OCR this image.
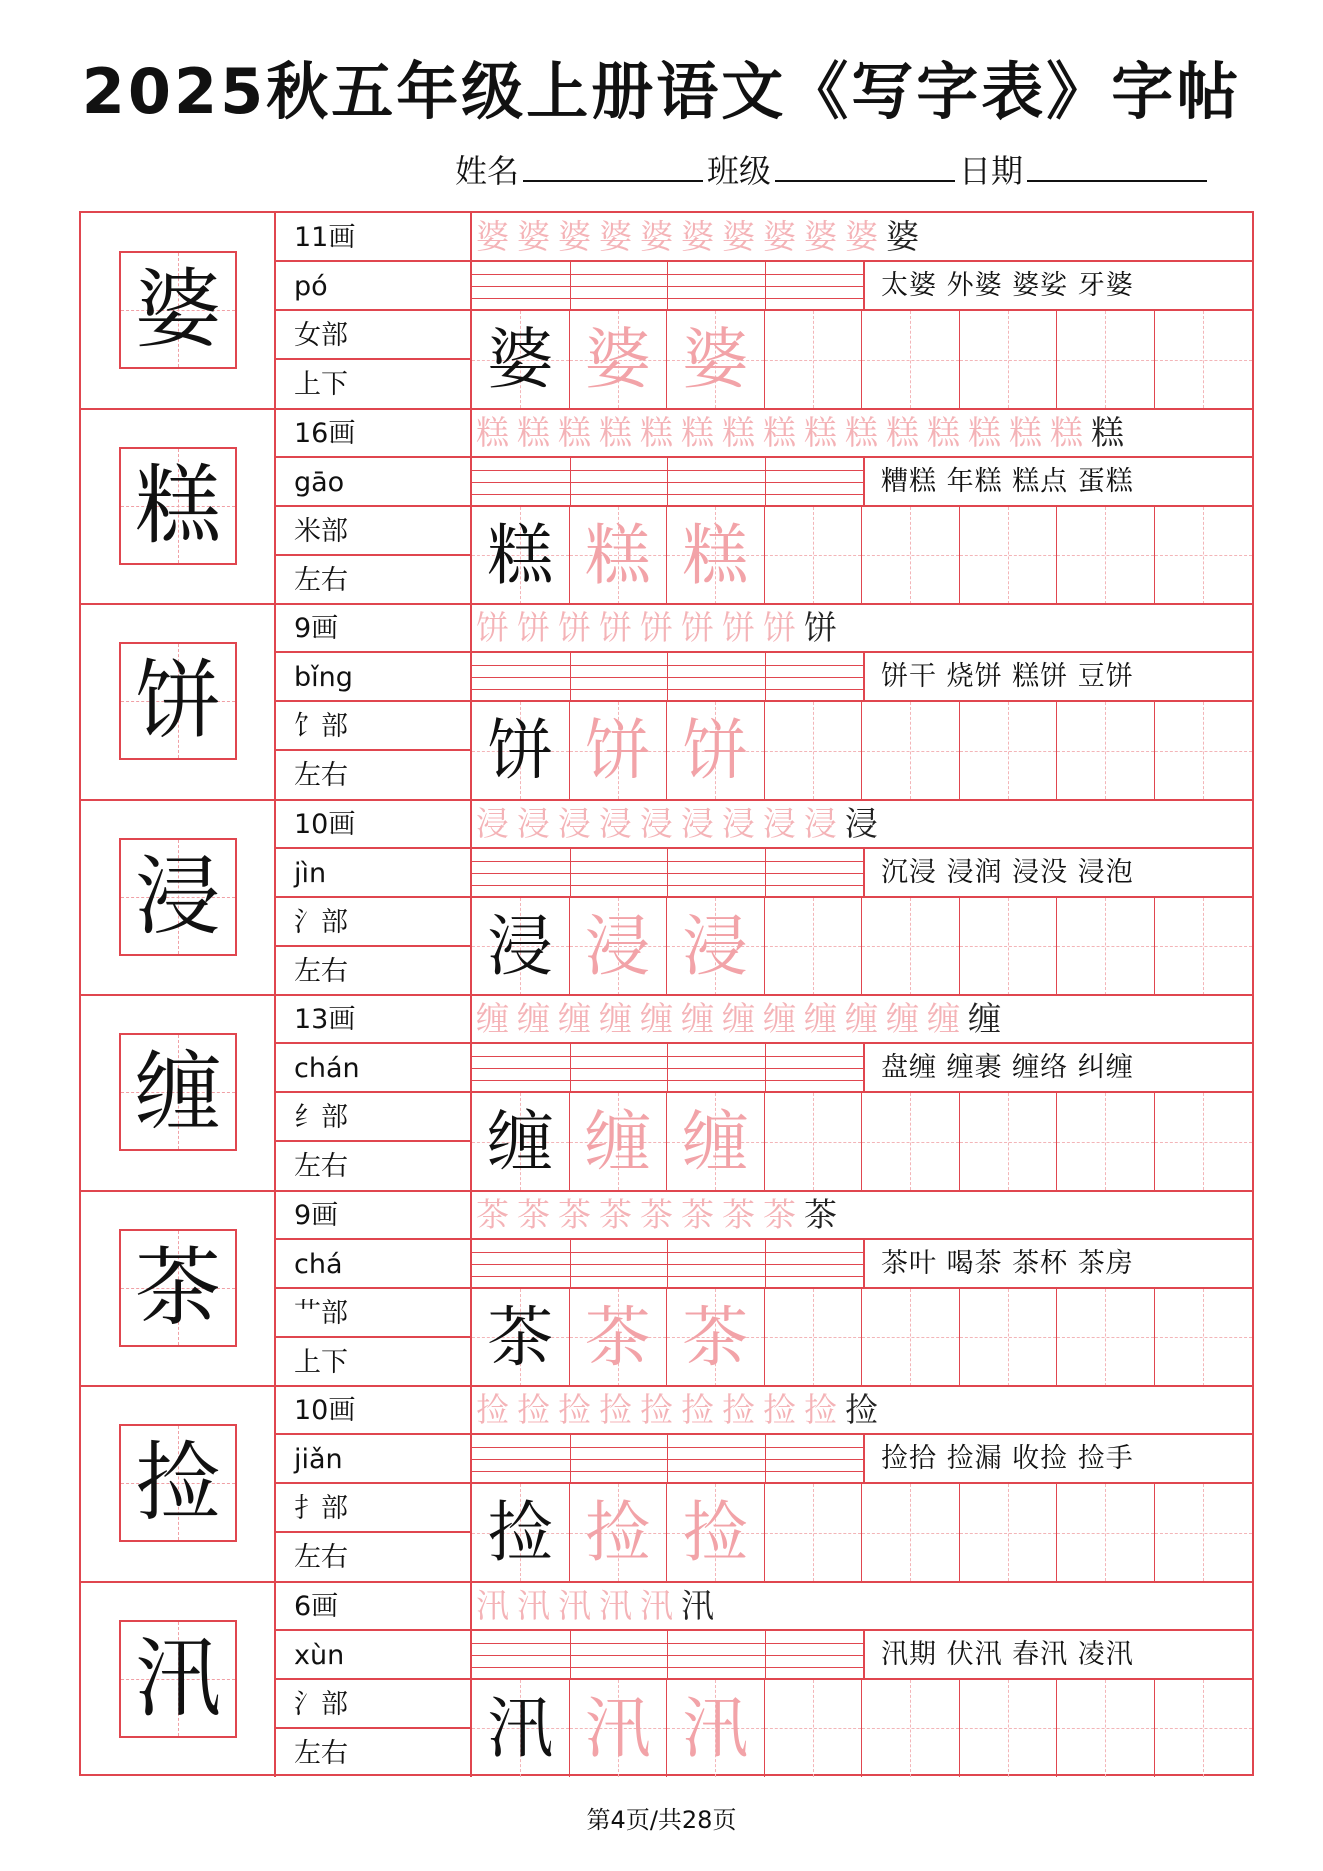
2025秋五年级上册语文《写字表》字帖
姓名	班级	日期
婆
11画
pó
女部
上下
婆 婆 婆 婆 婆 婆 婆 婆 婆 婆 婆
太婆 外婆 婆娑 牙婆
婆 婆 婆
糕
16画
gāo
米部
左右
糕 糕 糕 糕 糕 糕 糕 糕 糕 糕 糕 糕 糕 糕 糕 糕
糟糕 年糕 糕点 蛋糕
糕 糕 糕
饼
9画
bǐng
饣部
左右
饼 饼 饼 饼 饼 饼 饼 饼 饼
饼干 烧饼 糕饼 豆饼
饼 饼 饼
浸
10画
jìn
氵部
左右
浸 浸 浸 浸 浸 浸 浸 浸 浸 浸
沉浸 浸润 浸没 浸泡
浸 浸 浸
缠
13画
chán
纟部
左右
缠 缠 缠 缠 缠 缠 缠 缠 缠 缠 缠 缠 缠
盘缠 缠裹 缠络 纠缠
缠 缠 缠
茶
9画
chá
艹部
上下
茶 茶 茶 茶 茶 茶 茶 茶 茶
茶叶 喝茶 茶杯 茶房
茶 茶 茶
捡
10画
jiǎn
扌部
左右
捡 捡 捡 捡 捡 捡 捡 捡 捡 捡
捡拾 捡漏 收捡 捡手
捡 捡 捡
汛
6画
xùn
氵部
左右
汛 汛 汛 汛 汛 汛
汛期 伏汛 春汛 凌汛
汛 汛 汛
第4页/共28页
